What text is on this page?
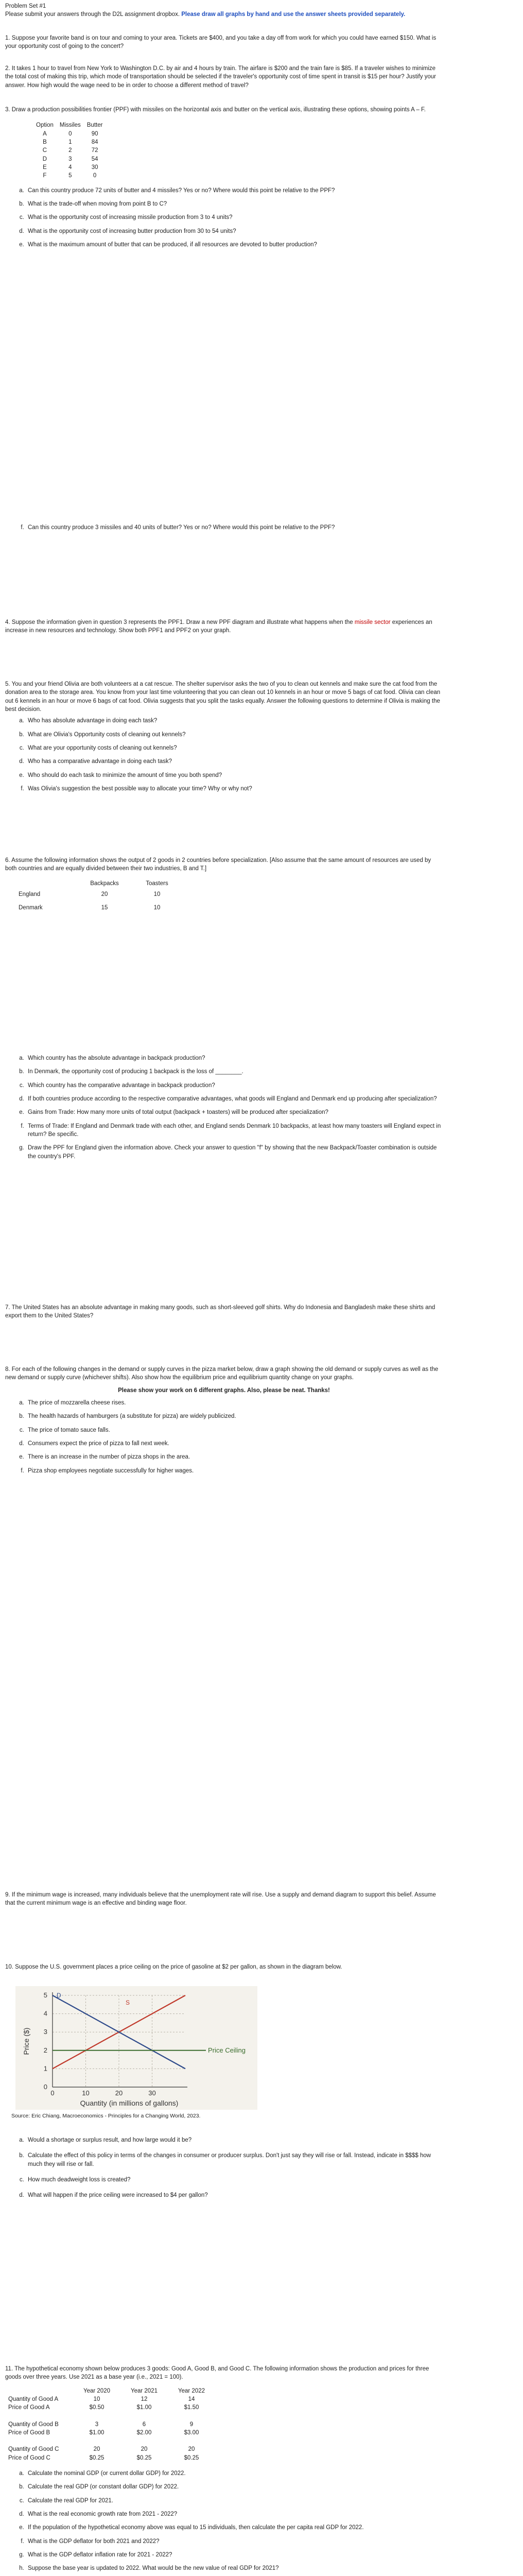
Problem Set #1
Please submit your answers through the D2L assignment dropbox. Please draw all graphs by hand and use the answer sheets provided separately.
1. Suppose your favorite band is on tour and coming to your area. Tickets are $400, and you take a day off from work for which you could have earned $150. What is your opportunity cost of going to the concert?
2. It takes 1 hour to travel from New York to Washington D.C. by air and 4 hours by train. The airfare is $200 and the train fare is $85. If a traveler wishes to minimize the total cost of making this trip, which mode of transportation should be selected if the traveler's opportunity cost of time spent in transit is $15 per hour? Justify your answer. How high would the wage need to be in order to choose a different method of travel?
3. Draw a production possibilities frontier (PPF) with missiles on the horizontal axis and butter on the vertical axis, illustrating these options, showing points A – F.
Option	Missiles	Butter
A	0	90
B	1	84
C	2	72
D	3	54
E	4	30
F	5	0
a. Can this country produce 72 units of butter and 4 missiles? Yes or no? Where would this point be relative to the PPF?
b. What is the trade-off when moving from point B to C?
c. What is the opportunity cost of increasing missile production from 3 to 4 units?
d. What is the opportunity cost of increasing butter production from 30 to 54 units?
e. What is the maximum amount of butter that can be produced, if all resources are devoted to butter production?
f. Can this country produce 3 missiles and 40 units of butter? Yes or no? Where would this point be relative to the PPF?
4. Suppose the information given in question 3 represents the PPF1. Draw a new PPF diagram and illustrate what happens when the missile sector experiences an increase in new resources and technology. Show both PPF1 and PPF2 on your graph.
5. You and your friend Olivia are both volunteers at a cat rescue. The shelter supervisor asks the two of you to clean out kennels and make sure the cat food from the donation area to the storage area. You know from your last time volunteering that you can clean out 10 kennels in an hour or move 5 bags of cat food. Olivia can clean out 6 kennels in an hour or move 6 bags of cat food. Olivia suggests that you split the tasks equally. Answer the following questions to determine if Olivia is making the best decision.
a. Who has absolute advantage in doing each task?
b. What are Olivia's Opportunity costs of cleaning out kennels?
c. What are your opportunity costs of cleaning out kennels?
d. Who has a comparative advantage in doing each task?
e. Who should do each task to minimize the amount of time you both spend?
f. Was Olivia's suggestion the best possible way to allocate your time? Why or why not?
6. Assume the following information shows the output of 2 goods in 2 countries before specialization. [Also assume that the same amount of resources are used by both countries and are equally divided between their two industries, B and T.]
	Backpacks	Toasters
England	20	10
Denmark	15	10
a. Which country has the absolute advantage in backpack production?
b. In Denmark, the opportunity cost of producing 1 backpack is the loss of ________.
c. Which country has the comparative advantage in backpack production?
d. If both countries produce according to the respective comparative advantages, what goods will England and Denmark end up producing after specialization?
e. Gains from Trade: How many more units of total output (backpack + toasters) will be produced after specialization?
f. Terms of Trade: If England and Denmark trade with each other, and England sends Denmark 10 backpacks, at least how many toasters will England expect in return? Be specific.
g. Draw the PPF for England given the information above. Check your answer to question "f" by showing that the new Backpack/Toaster combination is outside the country's PPF.
7. The United States has an absolute advantage in making many goods, such as short-sleeved golf shirts. Why do Indonesia and Bangladesh make these shirts and export them to the United States?
8. For each of the following changes in the demand or supply curves in the pizza market below, draw a graph showing the old demand or supply curves as well as the new demand or supply curve (whichever shifts). Also show how the equilibrium price and equilibrium quantity change on your graphs.
Please show your work on 6 different graphs. Also, please be neat. Thanks!
a. The price of mozzarella cheese rises.
b. The health hazards of hamburgers (a substitute for pizza) are widely publicized.
c. The price of tomato sauce falls.
d. Consumers expect the price of pizza to fall next week.
e. There is an increase in the number of pizza shops in the area.
f. Pizza shop employees negotiate successfully for higher wages.
9. If the minimum wage is increased, many individuals believe that the unemployment rate will rise. Use a supply and demand diagram to support this belief. Assume that the current minimum wage is an effective and binding wage floor.
10. Suppose the U.S. government places a price ceiling on the price of gasoline at $2 per gallon, as shown in the diagram below.
S
D
Price Ceiling
0
1
2
3
4
5
0	10	20	30
Quantity (in millions of gallons)
Price ($)
Source: Eric Chiang, Macroeconomics - Principles for a Changing World, 2023.
a. Would a shortage or surplus result, and how large would it be?
b. Calculate the effect of this policy in terms of the changes in consumer or producer surplus. Don't just say they will rise or fall. Instead, indicate in $$$$ how much they will rise or fall.
c. How much deadweight loss is created?
d. What will happen if the price ceiling were increased to $4 per gallon?
11. The hypothetical economy shown below produces 3 goods: Good A, Good B, and Good C. The following information shows the production and prices for three goods over three years. Use 2021 as a base year (i.e., 2021 = 100).
	Year 2020	Year 2021	Year 2022
Quantity of Good A	10	12	14
Price of Good A	$0.50	$1.00	$1.50

Quantity of Good B	3	6	9
Price of Good B	$1.00	$2.00	$3.00

Quantity of Good C	20	20	20
Price of Good C	$0.25	$0.25	$0.25
a. Calculate the nominal GDP (or current dollar GDP) for 2022.
b. Calculate the real GDP (or constant dollar GDP) for 2022.
c. Calculate the real GDP for 2021.
d. What is the real economic growth rate from 2021 - 2022?
e. If the population of the hypothetical economy above was equal to 15 individuals, then calculate the per capita real GDP for 2022.
f. What is the GDP deflator for both 2021 and 2022?
g. What is the GDP deflator inflation rate for 2021 - 2022?
h. Suppose the base year is updated to 2022. What would be the new value of real GDP for 2021?
